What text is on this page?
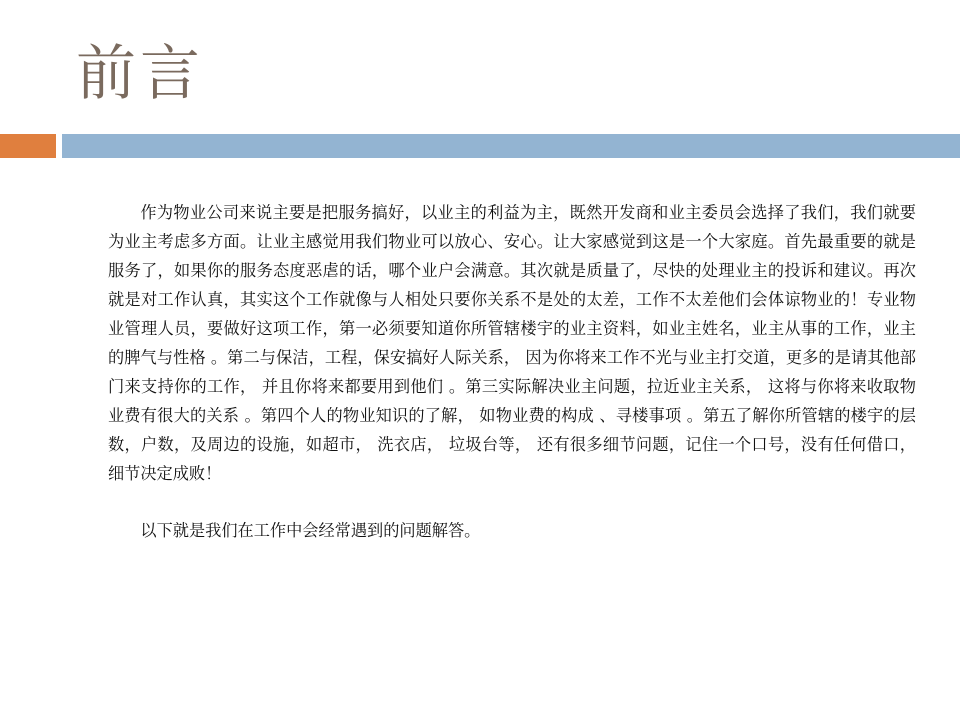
前言

作为物业公司来说主要是把服务搞好，以业主的利益为主，既然开发商和业主委员会选择了我们，我们就要为业主考虑多方面。让业主感觉用我们物业可以放心、安心。让大家感觉到这是一个大家庭。首先最重要的就是服务了，如果你的服务态度恶虐的话，哪个业户会满意。其次就是质量了，尽快的处理业主的投诉和建议。再次就是对工作认真，其实这个工作就像与人相处只要你关系不是处的太差，工作不太差他们会体谅物业的！专业物业管理人员，要做好这项工作，第一必须要知道你所管辖楼宇的业主资料，如业主姓名，业主从事的工作，业主的脾气与性格 。第二与保洁，工程，保安搞好人际关系， 因为你将来工作不光与业主打交道，更多的是请其他部门来支持你的工作， 并且你将来都要用到他们 。第三实际解决业主问题，拉近业主关系， 这将与你将来收取物业费有很大的关系 。第四个人的物业知识的了解， 如物业费的构成 、寻楼事项 。第五了解你所管辖的楼宇的层数，户数，及周边的设施，如超市， 洗衣店， 垃圾台等， 还有很多细节问题，记住一个口号，没有任何借口， 细节决定成败！

以下就是我们在工作中会经常遇到的问题解答。
